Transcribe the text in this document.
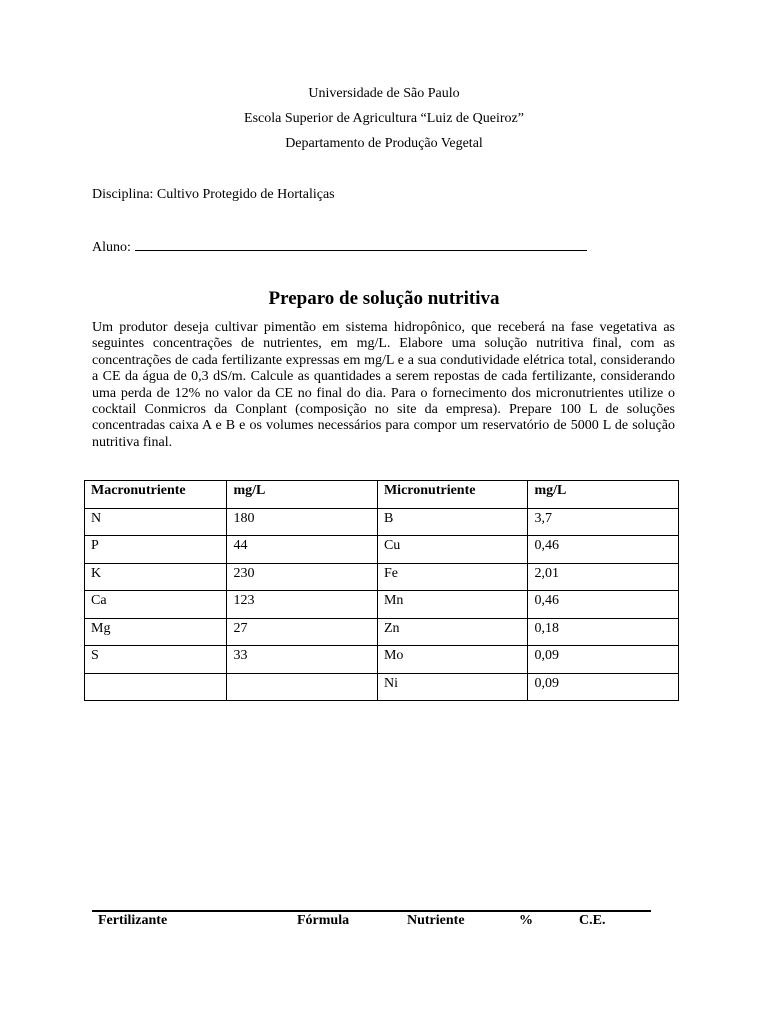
Universidade de São Paulo
Escola Superior de Agricultura “Luiz de Queiroz”
Departamento de Produção Vegetal
Disciplina: Cultivo Protegido de Hortaliças
Aluno:
Preparo de solução nutritiva
Um produtor deseja cultivar pimentão em sistema hidropônico, que receberá na fase vegetativa as seguintes concentrações de nutrientes, em mg/L. Elabore uma solução nutritiva final, com as concentrações de cada fertilizante expressas em mg/L e a sua condutividade elétrica total, considerando a CE da água de 0,3 dS/m. Calcule as quantidades a serem repostas de cada fertilizante, considerando uma perda de 12% no valor da CE no final do dia. Para o fornecimento dos micronutrientes utilize o cocktail Conmicros da Conplant (composição no site da empresa). Prepare 100 L de soluções concentradas caixa A e B e os volumes necessários para compor um reservatório de 5000 L de solução nutritiva final.
Macronutriente	mg/L	Micronutriente	mg/L
N	180	B	3,7
P	44	Cu	0,46
K	230	Fe	2,01
Ca	123	Mn	0,46
Mg	27	Zn	0,18
S	33	Mo	0,09
		Ni	0,09
Fertilizante	Fórmula	Nutriente	%	C.E.
